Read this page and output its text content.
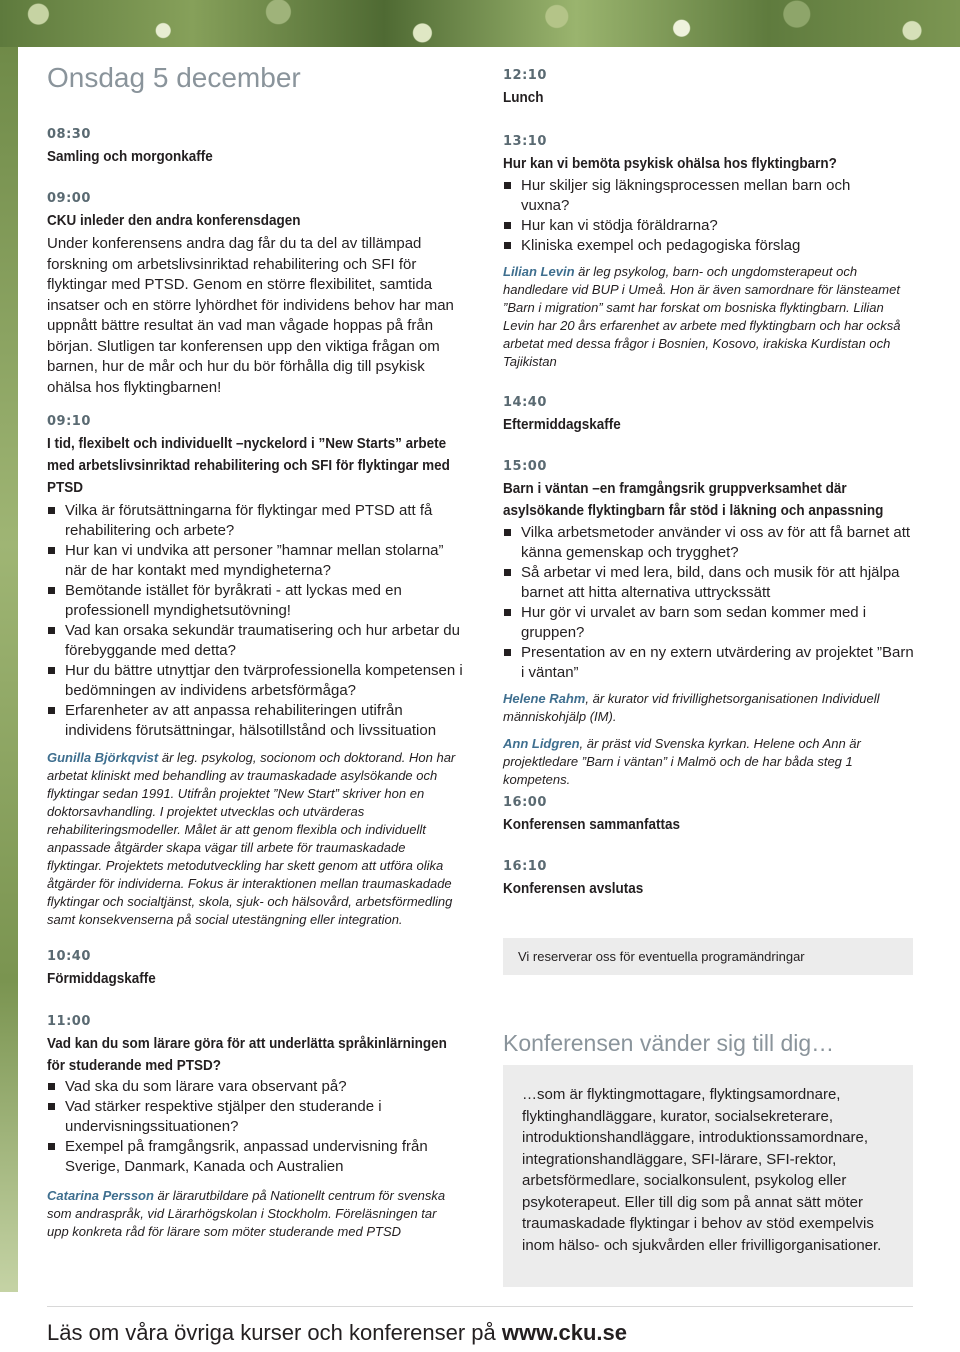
Onsdag 5 december
08:30
Samling och morgonkaffe
09:00
CKU inleder den andra konferensdagen
Under konferensens andra dag får du ta del av tillämpad forskning om arbetslivsinriktad rehabilitering och SFI för flyktingar med PTSD. Genom en större flexibilitet, samtida insatser och en större lyhördhet för individens behov har man uppnått bättre resultat än vad man vågade hoppas på från början. Slutligen tar konferensen upp den viktiga frågan om barnen, hur de mår och hur du bör förhålla dig till psykisk ohälsa hos flyktingbarnen!
09:10
I tid, flexibelt och individuellt –nyckelord i ”New Starts” arbete med arbetslivsinriktad rehabilitering och SFI för flyktingar med PTSD
Vilka är förutsättningarna för flyktingar med PTSD att få rehabilitering och arbete?
Hur kan vi undvika att personer ”hamnar mellan stolarna” när de har kontakt med myndigheterna?
Bemötande istället för byråkrati - att lyckas med en professionell myndighetsutövning!
Vad kan orsaka sekundär traumatisering och hur arbetar du förebyggande med detta?
Hur du bättre utnyttjar den tvärprofessionella kompetensen i bedömningen av individens arbetsförmåga?
Erfarenheter av att anpassa rehabiliteringen utifrån individens förutsättningar, hälsotillstånd och livssituation
Gunilla Björkqvist är leg. psykolog, socionom och doktorand. Hon har arbetat kliniskt med behandling av traumaskadade asylsökande och flyktingar sedan 1991. Utifrån projektet ”New Start” skriver hon en doktorsavhandling. I projektet utvecklas och utvärderas rehabiliteringsmodeller. Målet är att genom flexibla och individuellt anpassade åtgärder skapa vägar till arbete för traumaskadade flyktingar. Projektets metodutveckling har skett genom att utföra olika åtgärder för individerna. Fokus är interaktionen mellan traumaskadade flyktingar och socialtjänst, skola, sjuk- och hälsovård, arbetsförmedling samt konsekvenserna på social utestängning eller integration.
10:40
Förmiddagskaffe
11:00
Vad kan du som lärare göra för att underlätta språkinlärningen för studerande med PTSD?
Vad ska du som lärare vara observant på?
Vad stärker respektive stjälper den studerande i undervisningssituationen?
Exempel på framgångsrik, anpassad undervisning från Sverige, Danmark, Kanada och Australien
Catarina Persson är lärarutbildare på Nationellt centrum för svenska som andraspråk, vid Lärarhögskolan i Stockholm. Föreläsningen tar upp konkreta råd för lärare som möter studerande med PTSD
12:10
Lunch
13:10
Hur kan vi bemöta psykisk ohälsa hos flyktingbarn?
Hur skiljer sig läkningsprocessen mellan barn och vuxna?
Hur kan vi stödja föräldrarna?
Kliniska exempel och pedagogiska förslag
Lilian Levin är leg psykolog, barn- och ungdomsterapeut och handledare vid BUP i Umeå. Hon är även samordnare för länsteamet ”Barn i migration” samt har forskat om bosniska flyktingbarn. Lilian Levin har 20 års erfarenhet av arbete med flyktingbarn och har också arbetat med dessa frågor i Bosnien, Kosovo, irakiska Kurdistan och Tajikistan
14:40
Eftermiddagskaffe
15:00
Barn i väntan –en framgångsrik gruppverksamhet där asylsökande flyktingbarn får stöd i läkning och anpassning
Vilka arbetsmetoder använder vi oss av för att få barnet att känna gemenskap och trygghet?
Så arbetar vi med lera, bild, dans och musik för att hjälpa barnet att hitta alternativa uttryckssätt
Hur gör vi urvalet av barn som sedan kommer med i gruppen?
Presentation av en ny extern utvärdering av projektet ”Barn i väntan”
Helene Rahm, är kurator vid frivillighetsorganisationen Individuell människohjälp (IM).
Ann Lidgren, är präst vid Svenska kyrkan. Helene och Ann är projektledare ”Barn i väntan” i Malmö och de har båda steg 1 kompetens.
16:00
Konferensen sammanfattas
16:10
Konferensen avslutas
Vi reserverar oss för eventuella programändringar
Konferensen vänder sig till dig…
…som är flyktingmottagare, flyktingsamordnare, flyktinghandläggare, kurator, socialsekreterare, introduktionshandläggare, introduktionssamordnare, integrationshandläggare, SFI-lärare, SFI-rektor, arbetsförmedlare, socialkonsulent, psykolog eller psykoterapeut. Eller till dig som på annat sätt möter traumaskadade flyktingar i behov av stöd exempelvis inom hälso- och sjukvården eller frivilligorganisationer.
Läs om våra övriga kurser och konferenser på www.cku.se
